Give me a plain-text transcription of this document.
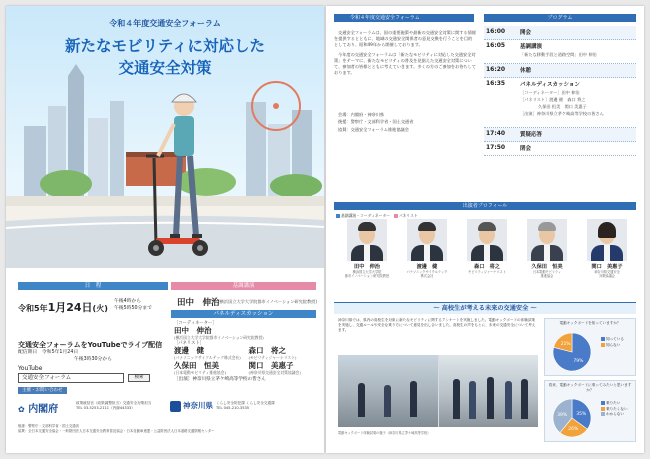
令和４年度交通安全フォーラム
新たなモビリティに対応した
交通安全対策
日　程
令和5年1月24日(火)
午後4時から
午後5時50分まで
基調講演
田中　伸治
(横浜国立大学大学院都市イノベーション研究院教授)
パネルディスカッション
［コーディネーター］
田中　伸治
(横浜国立大学大学院都市イノベーション研究院教授)
［パネリスト］
渡邊　健
(パナソニックサイクルテック株式会社)
森口　将之
(モビリティジャーナリスト)
久保田　恒美
(日本電動モビリティ推進協会)
関口　美惠子
(神奈川県交通安全対策協議会)
［出演］神奈川県立茅ケ崎高等学校の皆さん
交通安全フォーラムをYouTubeでライブ配信
配信期日　令和5年1月24日
午後3時30分から
YouTube
交通安全フォーラム	検索
主催・お問い合わせ
✿ 内閣府
政策統括官（政策調整担当）交通安全対策担当
TEL 03-5253-2111（内線44333）	神奈川県 くらし安全防犯課 くらし安全交通課
TEL 045-210-3535
後援：警察庁・文部科学省・国土交通省
協賛：全日本交通安全協会・一般財団法人日本交通安全教育普及協会・日本自動車連盟・公益財団法人日本道路交通情報センター
令和４年度交通安全フォーラム

交通安全フォーラムは、国の重要施策や最新の交通安全対策に関する情報を提供するとともに、地域の交通安全関係者の意見交換を行うことを目的としており、昭和49年から開催しております。

今年度の交通安全フォーラムは「新たなモビリティに対応した交通安全対策」をテーマに、新たなモビリティの普及を見据えた交通安全対策について、参加者の皆様とともに考えていきます。多くの方のご参加をお待ちしております。

会場：内閣府・神奈川県
後援：警察庁・文部科学省・国土交通省
協賛：交通安全フォーラム推進協議会
プログラム
16:00	開会
16:05	基調講演
「新たな移動手段と道路空間」田中 伸治
16:20	休憩
16:35	パネルディスカッション
［コーディネーター］田中 伸治
［パネリスト］渡邊 健　森口 将之
久保田 恒美　関口 美惠子
［出演］神奈川県立茅ケ崎高等学校の皆さん
17:40	質疑応答
17:50	閉会
出演者プロフィール
基調講演・コーディネーター パネリスト
田中　伸治
横浜国立大学大学院
都市イノベーション研究院教授
渡邊　健
パナソニックサイクルテック
株式会社
森口　将之
モビリティジャーナリスト
久保田　恒美
日本電動モビリティ
推進協会
関口　美惠子
神奈川県交通安全
対策協議会
～ 高校生が考える未来の交通安全 ～
神奈川県では、県内の高校生を対象に新たなモビリティに関するアンケートを実施しました。電動キックボードの体験試乗を実施し、交通ルールや安全な乗り方について意見を出し合いました。高校生の声をもとに、未来の交通安全について考えます。
電動キックボード体験試乗の様子（神奈川県立茅ケ崎高等学校）
電動キックボードを知っていますか？
79%
21%
知っている
知らない
将来、電動キックボードに乗ってみたいと思いますか？
35%
26%
39%
乗りたい
乗りたくない
わからない
